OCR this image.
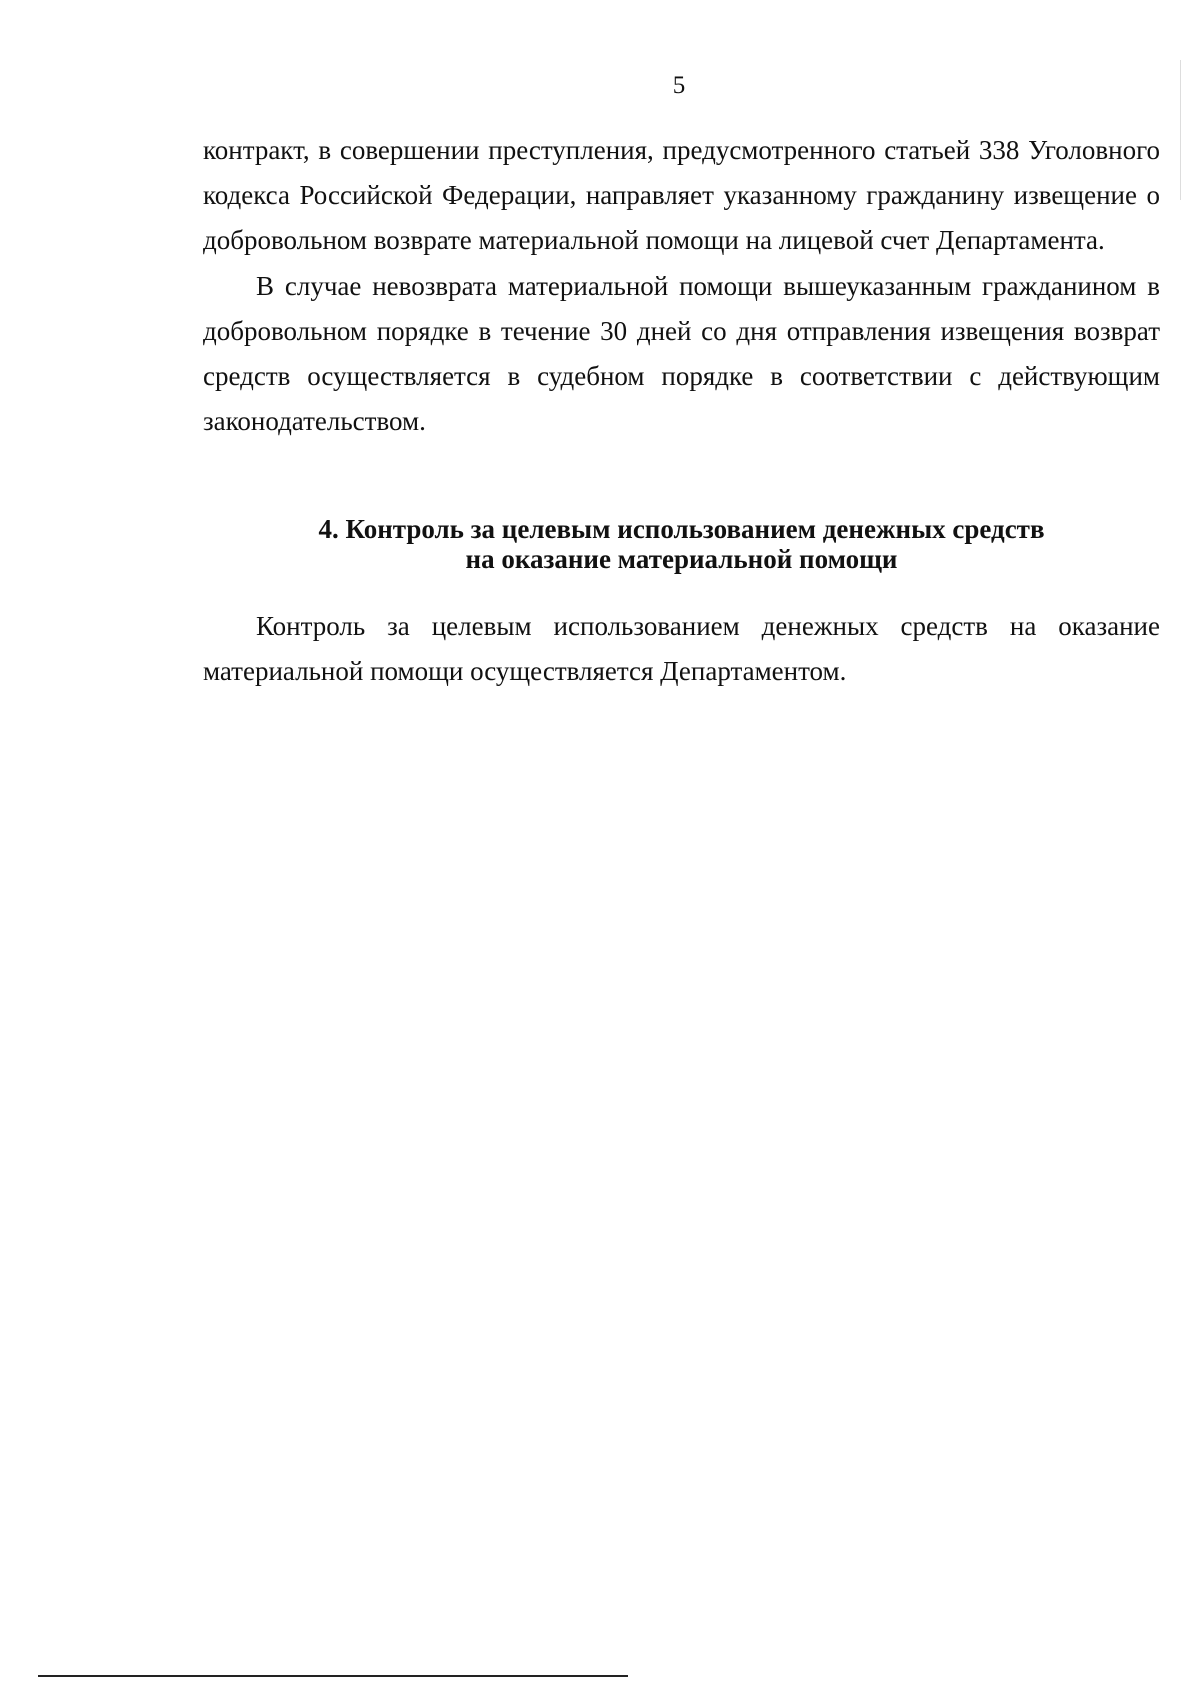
5

контракт, в совершении преступления, предусмотренного статьей 338 Уголовного кодекса Российской Федерации, направляет указанному гражданину извещение о добровольном возврате материальной помощи на лицевой счет Департамента.

В случае невозврата материальной помощи вышеуказанным гражданином в добровольном порядке в течение 30 дней со дня отправления извещения возврат средств осуществляется в судебном порядке в соответствии с действующим законодательством.

4. Контроль за целевым использованием денежных средств
на оказание материальной помощи

Контроль за целевым использованием денежных средств на оказание материальной помощи осуществляется Департаментом.
